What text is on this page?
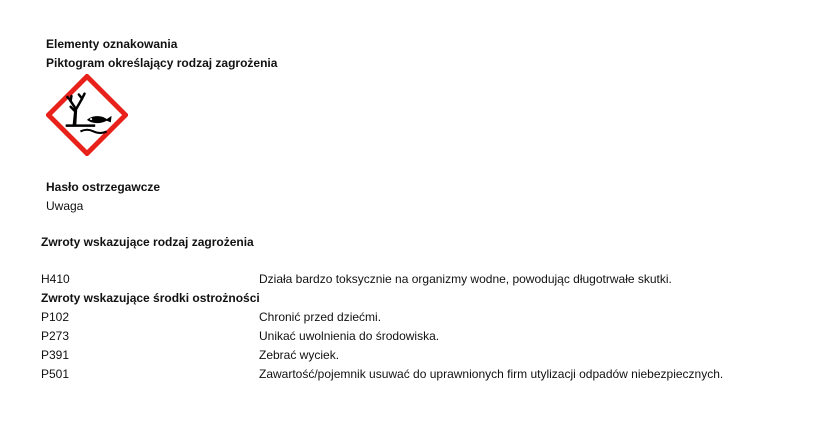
Elementy oznakowania
Piktogram określający rodzaj zagrożenia
Hasło ostrzegawcze
Uwaga
Zwroty wskazujące rodzaj zagrożenia
H410	Działa bardzo toksycznie na organizmy wodne, powodując długotrwałe skutki.
Zwroty wskazujące środki ostrożności
P102	Chronić przed dziećmi.
P273	Unikać uwolnienia do środowiska.
P391	Zebrać wyciek.
P501	Zawartość/pojemnik usuwać do uprawnionych firm utylizacji odpadów niebezpiecznych.
